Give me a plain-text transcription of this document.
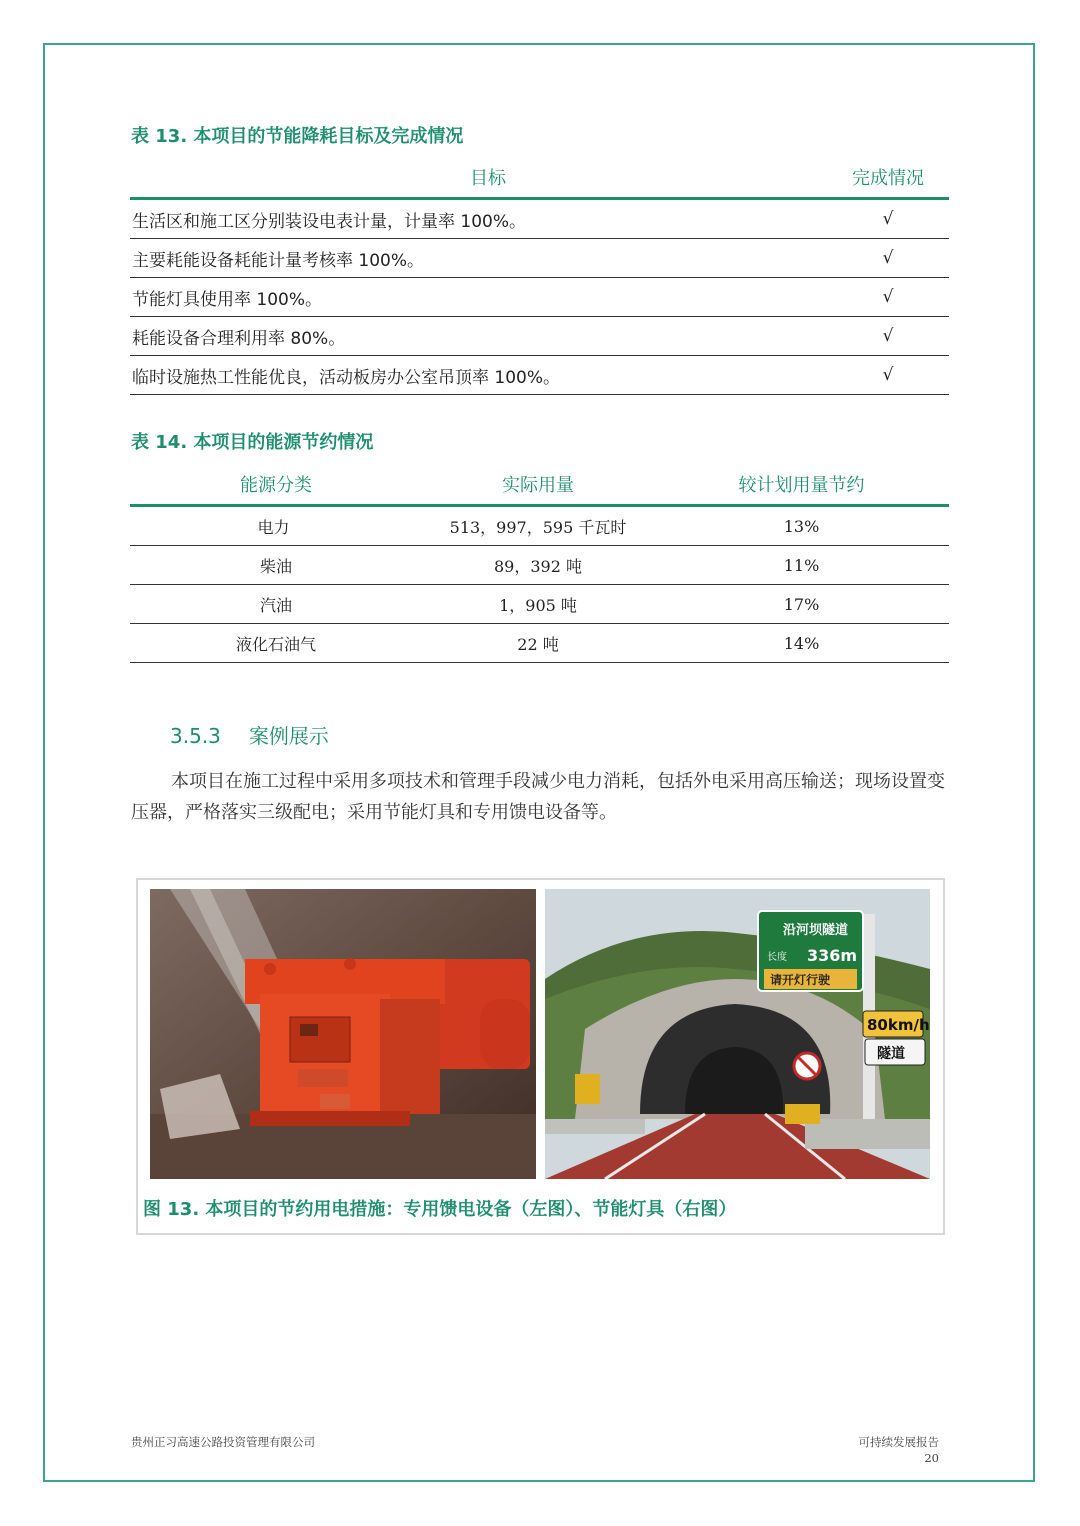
表 13. 本项目的节能降耗目标及完成情况
目标	完成情况
生活区和施工区分别装设电表计量，计量率 100%。	√
主要耗能设备耗能计量考核率 100%。	√
节能灯具使用率 100%。	√
耗能设备合理利用率 80%。	√
临时设施热工性能优良，活动板房办公室吊顶率 100%。	√
表 14. 本项目的能源节约情况
能源分类	实际用量	较计划用量节约
电力	513，997，595 千瓦时	13%
柴油	89，392 吨	11%
汽油	1，905 吨	17%
液化石油气	22 吨	14%
3.5.3 案例展示
本项目在施工过程中采用多项技术和管理手段减少电力消耗，包括外电采用高压输送；现场设置变压器，严格落实三级配电；采用节能灯具和专用馈电设备等。
沿河坝隧道
长度 336m
请开灯行驶
80km/h
隧道
图 13. 本项目的节约用电措施：专用馈电设备（左图）、节能灯具（右图）
贵州正习高速公路投资管理有限公司	可持续发展报告
20
